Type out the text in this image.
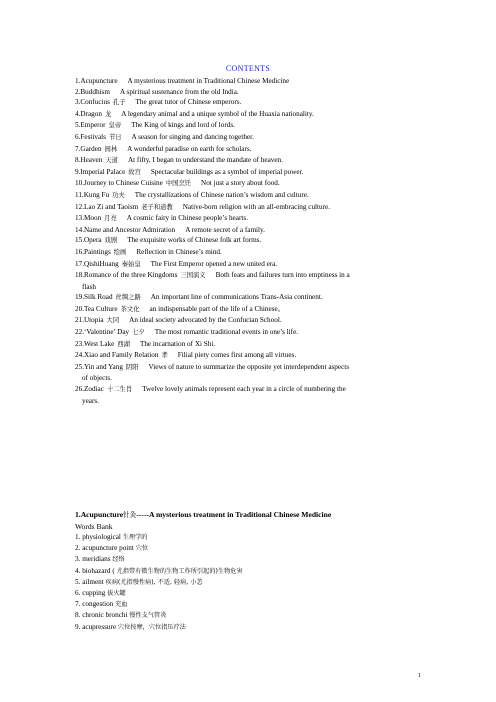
CONTENTS
1.Acupuncture A mysterious treatment in Traditional Chinese Medicine
2.Buddhism A spiritual sustenance from the old India.
3.Confucius 孔子 The great tutor of Chinese emperors.
4.Dragon 龙 A legendary animal and a unique symbol of the Huaxia nationality.
5.Emperor 皇帝 The King of kings and lord of lords.
6.Festivals 节日 A season for singing and dancing together.
7.Garden 园林 A wonderful paradise on earth for scholars.
8.Heaven 天道 At fifty, I began to understand the mandate of heaven.
9.Imperial Palace 故宫 Spectacular buildings as a symbol of imperial power.
10.Journey to Chinese Cuisine 中国烹饪 Not just a story about food.
11.Kung Fu 功夫 The crystallizations of Chinese nation’s wisdom and culture.
12.Lao Zi and Taoism 老子和道教 Native-born religion with an all-embracing culture.
13.Moon 月亮 A cosmic fairy in Chinese people’s hearts.
14.Name and Ancestor Admiration A remote secret of a family.
15.Opera 戏剧 The exquisite works of Chinese folk art forms.
16.Paintings 绘画 Reflection in Chinese’s mind.
17.QishiHuang 秦始皇 The First Emperor opened a new united era.
18.Romance of the three Kingdoms 三国演义 Both feats and failures turn into emptiness in a
flash
19.Silk Road 丝绸之路 An important line of communications Trans-Asia continent.
20.Tea Culture 茶文化 an indispensable part of the life of a Chinese。
21.Utopia 大同 An ideal society advocated by the Confucian School.
22.‘Valentine’ Day 七夕 The most romantic traditional events in one’s life.
23.West Lake 西湖 The incarnation of Xi Shi.
24.Xiao and Family Relation 孝 Filial piety comes first among all virtues.
25.Yin and Yang 阴阳 Views of nature to summarize the opposite yet interdependent aspects
of objects.
26.Zodiac 十二生肖 Twelve lovely animals represent each year in a circle of numbering the
years.
1.Acupuncture针灸-----A mysterious treatment in Traditional Chinese Medicine
Words Bank
1. physiological 生理学的
2. acupuncture point 穴位
3. meridians 经络
4. biohazard ( 尤指带有微生物的生物工作所引起的)生物危害
5. ailment 疾病(尤指慢性病), 不适, 轻病, 小恙
6. cupping 拔火罐
7. congestion 充血
8. chronic bronchi 慢性支气管炎
9. acupressure 穴位按摩，穴位指压疗法
1
